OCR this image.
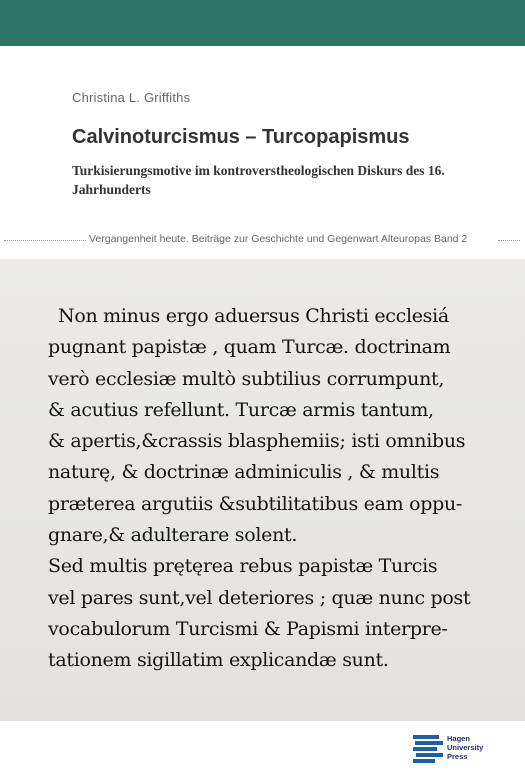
Christina L. Griffiths
Calvinoturcismus – Turcopapismus
Turkisierungsmotive im kontroverstheologischen Diskurs des 16. Jahrhunderts
Vergangenheit heute. Beiträge zur Geschichte und Gegenwart Alteuropas Band 2
Non minus ergo aduersus Christi ecclesiá
pugnant papistæ , quam Turcæ. doctrinam
verò ecclesiæ multò subtilius corrumpunt,
& acutius refellunt. Turcæ armis tantum,
& apertis,&crassis blasphemiis; isti omnibus
naturę, & doctrinæ adminiculis , & multis
præterea argutiis &subtilitatibus eam oppu-
gnare,& adulterare solent.
Sed multis prętęrea rebus papistæ Turcis
vel pares sunt,vel deteriores ; quæ nunc post
vocabulorum Turcismi & Papismi interpre-
tationem sigillatim explicandæ sunt.
Hagen
University
Press
